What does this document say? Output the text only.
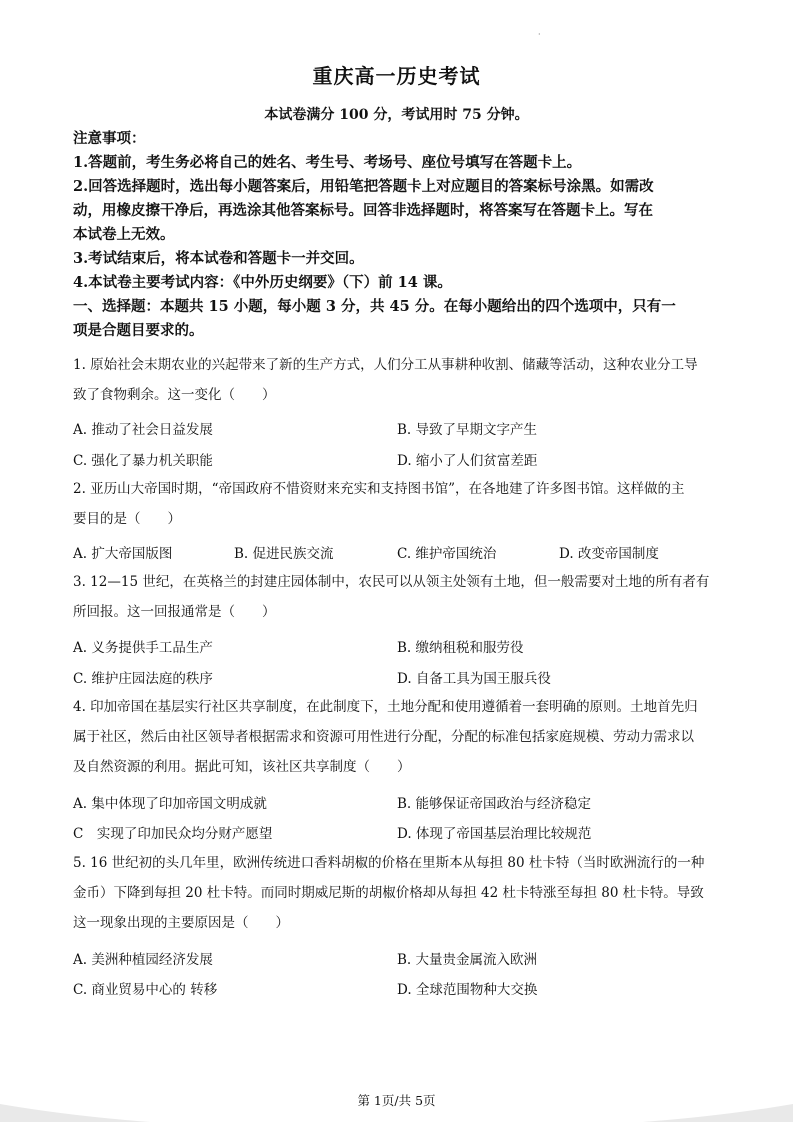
·
重庆高一历史考试
本试卷满分 100 分，考试用时 75 分钟。

注意事项：

1.答题前，考生务必将自己的姓名、考生号、考场号、座位号填写在答题卡上。

2.回答选择题时，选出每小题答案后，用铅笔把答题卡上对应题目的答案标号涂黑。如需改

动，用橡皮擦干净后，再选涂其他答案标号。回答非选择题时，将答案写在答题卡上。写在

本试卷上无效。

3.考试结束后，将本试卷和答题卡一并交回。

4.本试卷主要考试内容：《中外历史纲要》（下）前 14 课。

一、选择题：本题共 15 小题，每小题 3 分，共 45 分。在每小题给出的四个选项中，只有一

项是合题目要求的。

1. 原始社会末期农业的兴起带来了新的生产方式，人们分工从事耕种收割、储藏等活动，这种农业分工导

致了食物剩余。这一变化（　　）

A. 推动了社会日益发展	B. 导致了早期文字产生
C. 强化了暴力机关职能	D. 缩小了人们贫富差距

2. 亚历山大帝国时期，“帝国政府不惜资财来充实和支持图书馆”，在各地建了许多图书馆。这样做的主

要目的是（　　）

A. 扩大帝国版图	B. 促进民族交流	C. 维护帝国统治	D. 改变帝国制度

3. 12—15 世纪，在英格兰的封建庄园体制中，农民可以从领主处领有土地，但一般需要对土地的所有者有

所回报。这一回报通常是（　　）

A. 义务提供手工品生产	B. 缴纳租税和服劳役
C. 维护庄园法庭的秩序	D. 自备工具为国王服兵役

4. 印加帝国在基层实行社区共享制度，在此制度下，土地分配和使用遵循着一套明确的原则。土地首先归

属于社区，然后由社区领导者根据需求和资源可用性进行分配，分配的标准包括家庭规模、劳动力需求以

及自然资源的利用。据此可知，该社区共享制度（　　）

A. 集中体现了印加帝国文明成就	B. 能够保证帝国政治与经济稳定
C　实现了印加民众均分财产愿望	D. 体现了帝国基层治理比较规范

5. 16 世纪初的头几年里，欧洲传统进口香料胡椒的价格在里斯本从每担 80 杜卡特（当时欧洲流行的一种

金币）下降到每担 20 杜卡特。而同时期威尼斯的胡椒价格却从每担 42 杜卡特涨至每担 80 杜卡特。导致

这一现象出现的主要原因是（　　）

A. 美洲种植园经济发展	B. 大量贵金属流入欧洲
C. 商业贸易中心的 转移	D. 全球范围物种大交换
第 1页/共 5页
